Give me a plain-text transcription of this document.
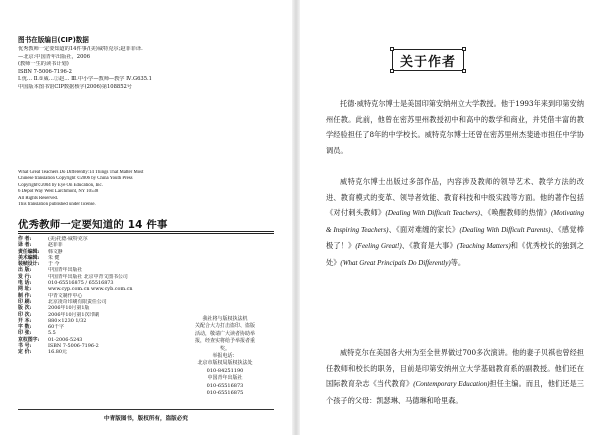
图书在版编目(CIP)数据
优秀教师一定要知道的14件事/(美)威特克尔;赵菲菲译.
—北京:中国青年出版社，2006
(教师一生的读书计划)
ISBN 7-5006-7196-2
Ⅰ.优… Ⅱ.①威…②赵… Ⅲ.中小学—教师—教学 Ⅳ.G635.1
中国版本图书馆CIP数据核字(2006)第108852号
What Great Teachers Do Differently:14 Things That Matter Most
Chinese translation Copyright ©2006 by China Youth Press
Copyright©2004 by Eye On Education, Inc.
6 Depot Way West Larchmont, NY 10538
All Rights Reserved.
This translation published under license.
优秀教师一定要知道的 14 件事
作 者:	(美)托德·威特克尔
译 者:	赵菲菲
责任编辑:	韩文静
美术编辑:	朱 健
装帧设计:	于 今
出 版:	中国青年出版社
发 行:	中国青年出版社 北京中青文图书公司
电 话:	010-65516875 / 65516873
网 址:	www.cyp.com.cn www.cyb.com.cn
制 作:	中青文制作中心
印 刷:	北京凌奇印刷有限责任公司
版 次:	2006年10月第1版
印 次:	2006年10月第1次印刷
开 本:	880×1230 1/32
字 数:	60千字
印 张:	5.5
京权图字:	01-2006-5243
书 号:	ISBN 7-5006-7196-2
定 价:	16.80元
我社将与版权执法机
关配合大力打击盗印、盗版
活动，敬请广大读者协助举
报，经查实将给予举报者重
奖。
举报电话：
北京市版权局版权执法处
010-84251190
中国青年出版社
010-65516873
010-65516875
中青版图书，版权所有，盗版必究
关于作者

托德·威特克尔博士是美国印第安纳州立大学教授。他于1993年来到印第安纳州任教。此前，他曾在密苏里州教授初中和高中的数学和商业，并凭借丰富的教学经验担任了8年的中学校长。威特克尔博士还曾在密苏里州杰斐逊市担任中学协调员。

威特克尔博士出版过多部作品，内容涉及教师的领导艺术、教学方法的改进、教育模式的变革、领导者效能、教育科技和中级实践等方面。他的著作包括《对付刺头教师》(Dealing With Difficult Teachers)、《唤醒教师的热情》(Motivating & Inspiring Teachers)、《面对难缠的家长》(Dealing With Difficult Parents)、《感觉棒极了！》(Feeling Great!)、《教育是大事》(Teaching Matters)和《优秀校长的独到之处》(What Great Principals Do Differently)等。

威特克尔在美国各大州为至全世界做过700多次演讲。他的妻子贝祺也曾经担任教师和校长的职务，目前是印第安纳州立大学基础教育系的副教授。他们还在国际教育杂志《当代教育》(Contemporary Education)担任主编。而且，他们还是三个孩子的父母：凯瑟琳、马德琳和哈里森。
